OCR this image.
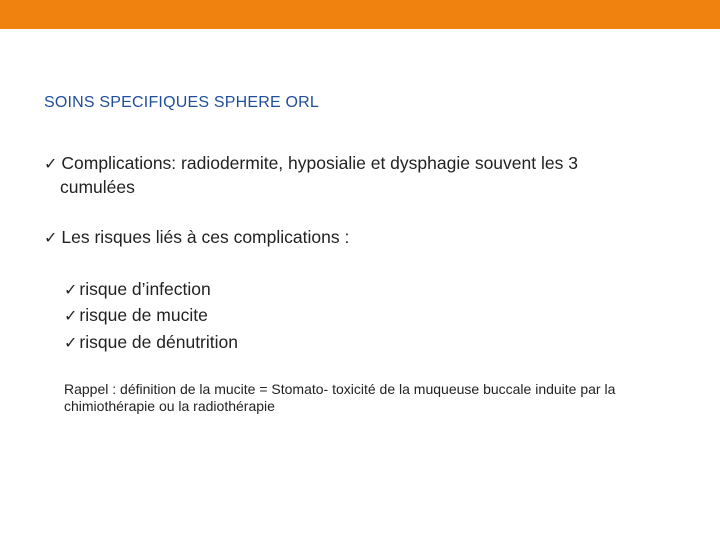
SOINS SPECIFIQUES SPHERE ORL
✓ Complications: radiodermite, hyposialie et dysphagie souvent les 3
cumulées
✓ Les risques liés à ces complications :
✓ risque d’infection
✓ risque de mucite
✓ risque de dénutrition
Rappel : définition de la mucite = Stomato- toxicité de la muqueuse buccale induite par la chimiothérapie ou la radiothérapie
